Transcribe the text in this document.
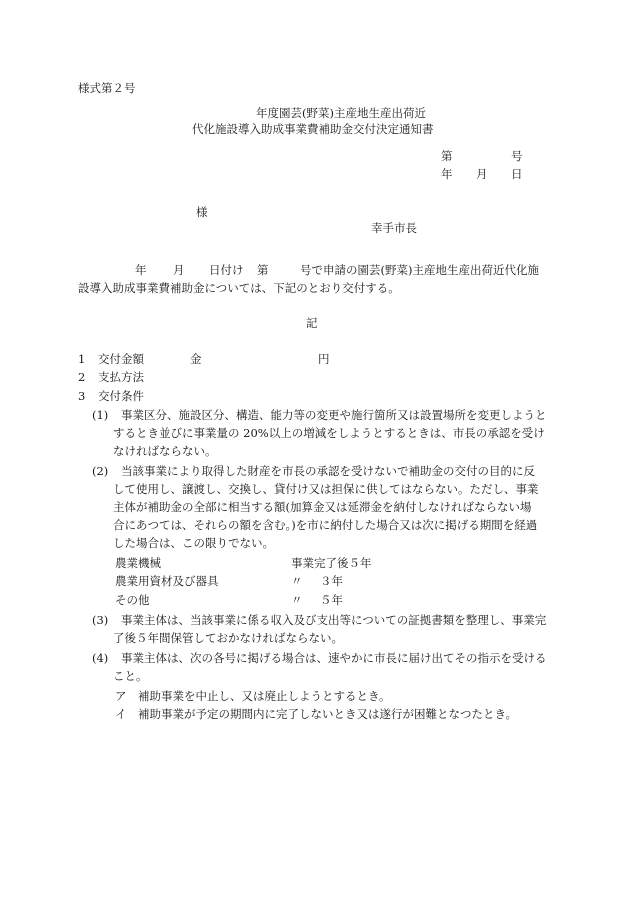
様式第２号
年度園芸(野菜)主産地生産出荷近
代化施設導入助成事業費補助金交付決定通知書
第	号
年 月 日
様
幸手市長
年 月 日付け 第	号で申請の園芸(野菜)主産地生産出荷近代化施
設導入助成事業費補助金については、下記のとおり交付する。
記
1 交付金額	金	円
2 支払方法
3 交付条件
(1) 事業区分、施設区分、構造、能力等の変更や施行箇所又は設置場所を変更しようと
するとき並びに事業量の 20%以上の増減をしようとするときは、市長の承認を受け
なければならない。
(2) 当該事業により取得した財産を市長の承認を受けないで補助金の交付の目的に反
して使用し、譲渡し、交換し、貸付け又は担保に供してはならない。ただし、事業
主体が補助金の全部に相当する額(加算金又は延滞金を納付しなければならない場
合にあつては、それらの額を含む。)を市に納付した場合又は次に掲げる期間を経過
した場合は、この限りでない。
農業機械	事業完了後５年
農業用資材及び器具	〃 ３年
その他	〃 ５年
(3) 事業主体は、当該事業に係る収入及び支出等についての証拠書類を整理し、事業完
了後５年間保管しておかなければならない。
(4) 事業主体は、次の各号に掲げる場合は、速やかに市長に届け出てその指示を受ける
こと。
ア 補助事業を中止し、又は廃止しようとするとき。
イ 補助事業が予定の期間内に完了しないとき又は遂行が困難となつたとき。
